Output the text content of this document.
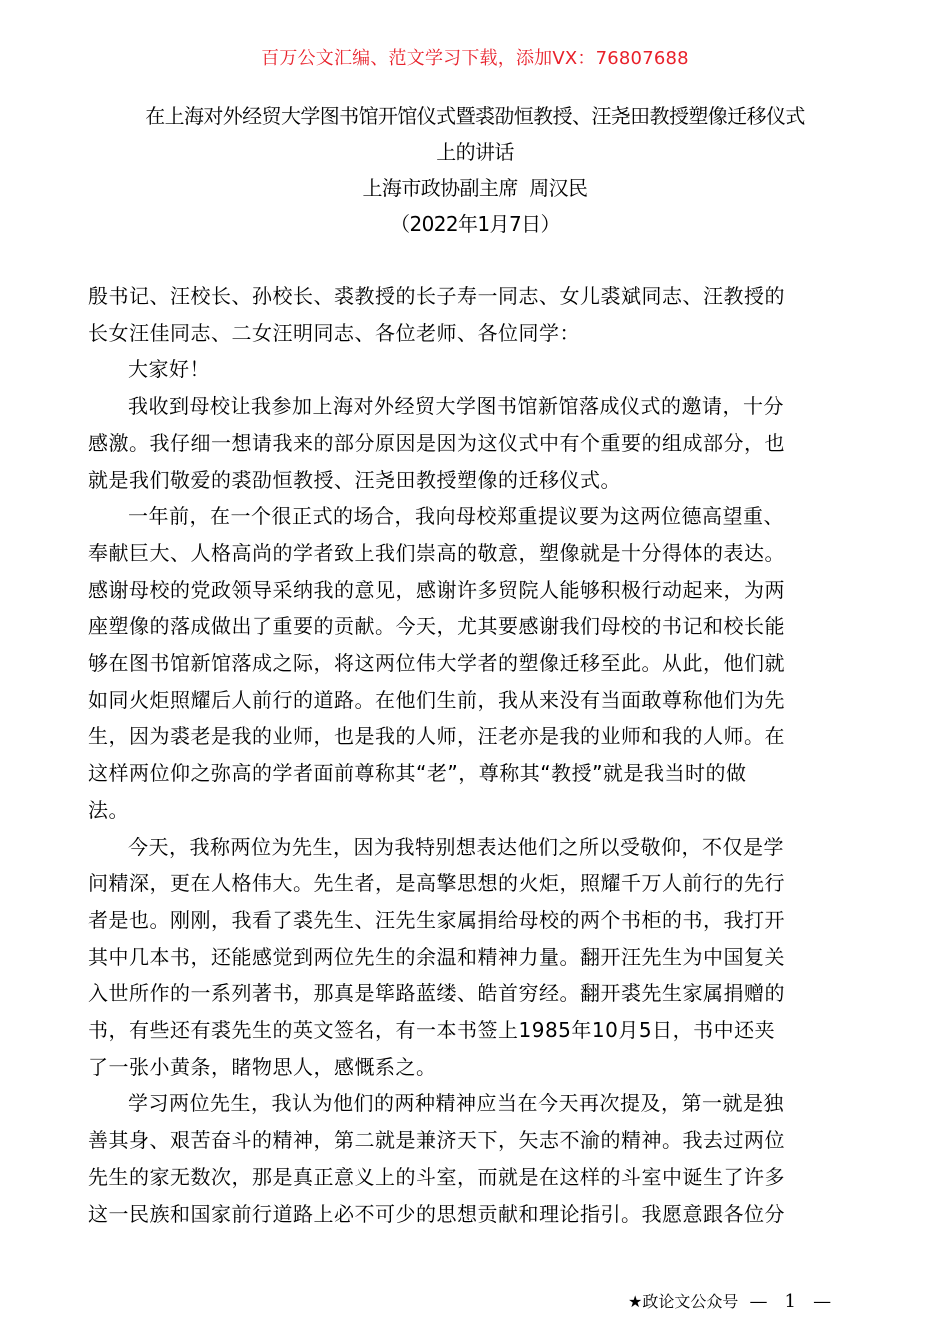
百万公文汇编、范文学习下载，添加VX：76807688
在上海对外经贸大学图书馆开馆仪式暨裘劭恒教授、汪尧田教授塑像迁移仪式
上的讲话
上海市政协副主席  周汉民
（2022年1月7日）

殷书记、汪校长、孙校长、裘教授的长子寿一同志、女儿裘斌同志、汪教授的
长女汪佳同志、二女汪明同志、各位老师、各位同学：

大家好！

我收到母校让我参加上海对外经贸大学图书馆新馆落成仪式的邀请，十分
感激。我仔细一想请我来的部分原因是因为这仪式中有个重要的组成部分，也
就是我们敬爱的裘劭恒教授、汪尧田教授塑像的迁移仪式。

一年前，在一个很正式的场合，我向母校郑重提议要为这两位德高望重、
奉献巨大、人格高尚的学者致上我们崇高的敬意，塑像就是十分得体的表达。
感谢母校的党政领导采纳我的意见，感谢许多贸院人能够积极行动起来，为两
座塑像的落成做出了重要的贡献。今天，尤其要感谢我们母校的书记和校长能
够在图书馆新馆落成之际，将这两位伟大学者的塑像迁移至此。从此，他们就
如同火炬照耀后人前行的道路。在他们生前，我从来没有当面敢尊称他们为先
生，因为裘老是我的业师，也是我的人师，汪老亦是我的业师和我的人师。在
这样两位仰之弥高的学者面前尊称其“老”，尊称其“教授”就是我当时的做
法。

今天，我称两位为先生，因为我特别想表达他们之所以受敬仰，不仅是学
问精深，更在人格伟大。先生者，是高擎思想的火炬，照耀千万人前行的先行
者是也。刚刚，我看了裘先生、汪先生家属捐给母校的两个书柜的书，我打开
其中几本书，还能感觉到两位先生的余温和精神力量。翻开汪先生为中国复关
入世所作的一系列著书，那真是筚路蓝缕、皓首穷经。翻开裘先生家属捐赠的
书，有些还有裘先生的英文签名，有一本书签上1985年10月5日，书中还夹
了一张小黄条，睹物思人，感慨系之。

学习两位先生，我认为他们的两种精神应当在今天再次提及，第一就是独
善其身、艰苦奋斗的精神，第二就是兼济天下，矢志不渝的精神。我去过两位
先生的家无数次，那是真正意义上的斗室，而就是在这样的斗室中诞生了许多
这一民族和国家前行道路上必不可少的思想贡献和理论指引。我愿意跟各位分

★政论文公众号 — 1 —
